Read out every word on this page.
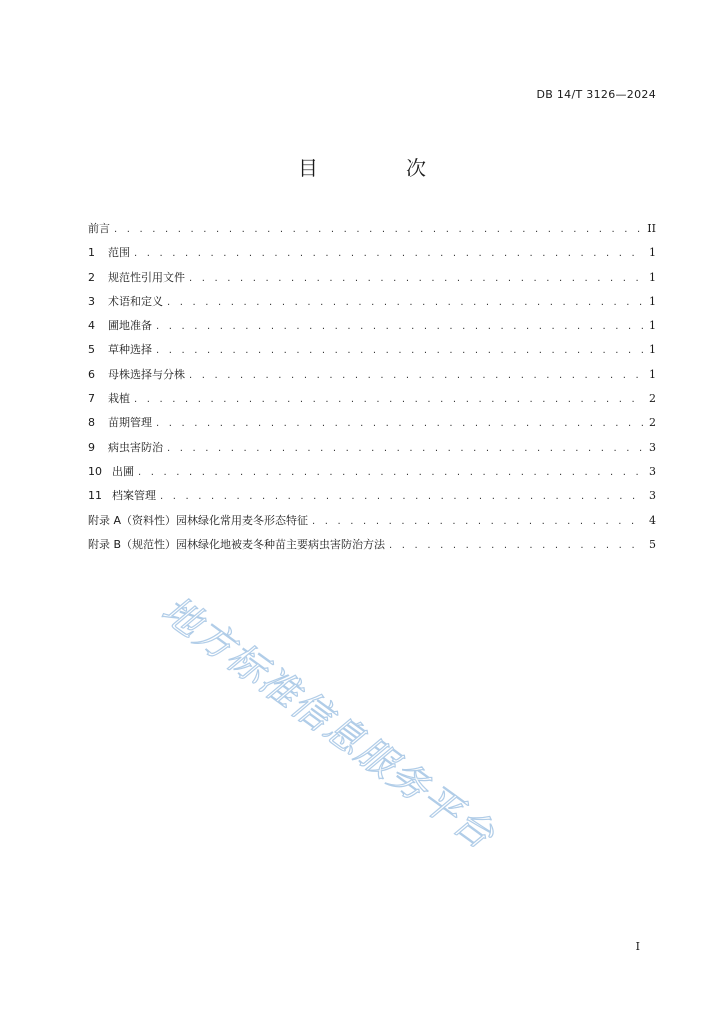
DB 14/T 3126—2024
目　次
前言 . . .	II
1	范围 . . .	1
2	规范性引用文件 . . .	1
3	术语和定义 . . .	1
4	圃地准备 . . .	1
5	草种选择 . . .	1
6	母株选择与分株 . . .	1
7	栽植 . . .	2
8	苗期管理 . . .	2
9	病虫害防治 . . .	3
10 出圃 . . .	3
11 档案管理 . . .	3
附录 A（资料性）园林绿化常用麦冬形态特征 . . .	4
附录 B（规范性）园林绿化地被麦冬种苗主要病虫害防治方法 . . .	5
地方标准信息服务平台
I
